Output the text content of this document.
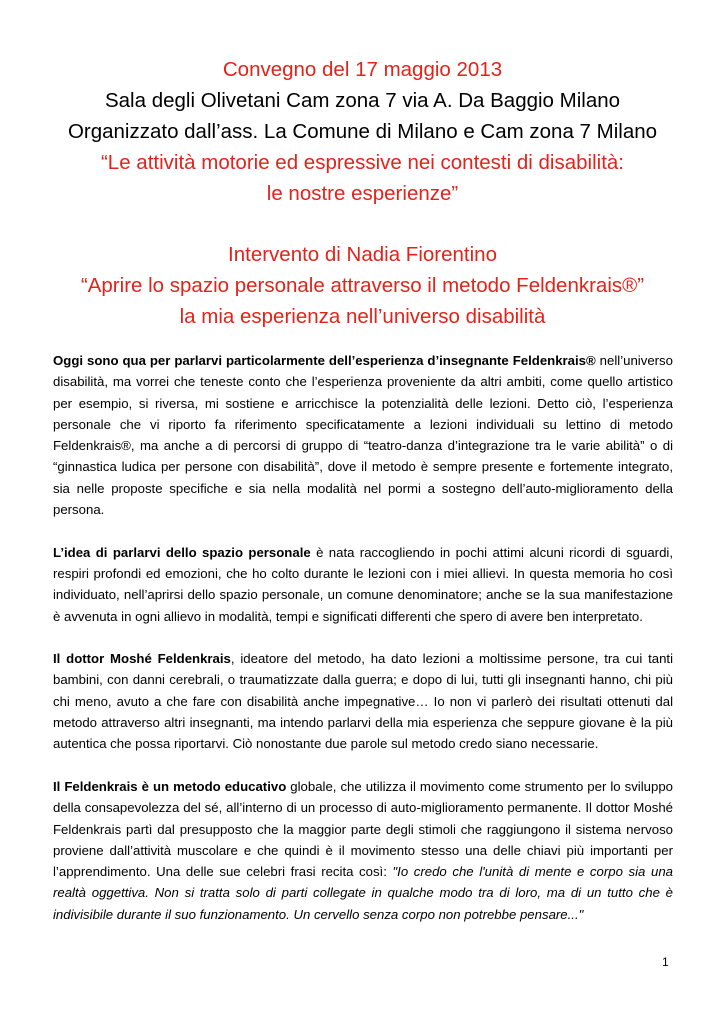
Convegno del 17 maggio 2013
Sala degli Olivetani Cam zona 7 via A. Da Baggio Milano
Organizzato dall’ass. La Comune di Milano e Cam zona 7 Milano
“Le attività motorie ed espressive nei contesti di disabilità:
le nostre esperienze”
Intervento di Nadia Fiorentino
“Aprire lo spazio personale attraverso il metodo Feldenkrais®”
la mia esperienza nell’universo disabilità

Oggi sono qua per parlarvi particolarmente dell’esperienza d’insegnante Feldenkrais® nell’universo disabilità, ma vorrei che teneste conto che l’esperienza proveniente da altri ambiti, come quello artistico per esempio, si riversa, mi sostiene e arricchisce la potenzialità delle lezioni. Detto ciò, l’esperienza personale che vi riporto fa riferimento specificatamente a lezioni individuali su lettino di metodo Feldenkrais®, ma anche a di percorsi di gruppo di “teatro-danza d’integrazione tra le varie abilità” o di “ginnastica ludica per persone con disabilità”, dove il metodo è sempre presente e fortemente integrato, sia nelle proposte specifiche e sia nella modalità nel pormi a sostegno dell’auto-miglioramento della persona.

L’idea di parlarvi dello spazio personale è nata raccogliendo in pochi attimi alcuni ricordi di sguardi, respiri profondi ed emozioni, che ho colto durante le lezioni con i miei allievi. In questa memoria ho così individuato, nell’aprirsi dello spazio personale, un comune denominatore; anche se la sua manifestazione è avvenuta in ogni allievo in modalità, tempi e significati differenti che spero di avere ben interpretato.

Il dottor Moshé Feldenkrais, ideatore del metodo, ha dato lezioni a moltissime persone, tra cui tanti bambini, con danni cerebrali, o traumatizzate dalla guerra; e dopo di lui, tutti gli insegnanti hanno, chi più chi meno, avuto a che fare con disabilità anche impegnative… Io non vi parlerò dei risultati ottenuti dal metodo attraverso altri insegnanti, ma intendo parlarvi della mia esperienza che seppure giovane è la più autentica che possa riportarvi. Ciò nonostante due parole sul metodo credo siano necessarie.

Il Feldenkrais è un metodo educativo globale, che utilizza il movimento come strumento per lo sviluppo della consapevolezza del sé, all’interno di un processo di auto-miglioramento permanente. Il dottor Moshé Feldenkrais partì dal presupposto che la maggior parte degli stimoli che raggiungono il sistema nervoso proviene dall’attività muscolare e che quindi è il movimento stesso una delle chiavi più importanti per l’apprendimento. Una delle sue celebri frasi recita così: "Io credo che l'unità di mente e corpo sia una realtà oggettiva. Non si tratta solo di parti collegate in qualche modo tra di loro, ma di un tutto che è indivisibile durante il suo funzionamento. Un cervello senza corpo non potrebbe pensare..."

1
